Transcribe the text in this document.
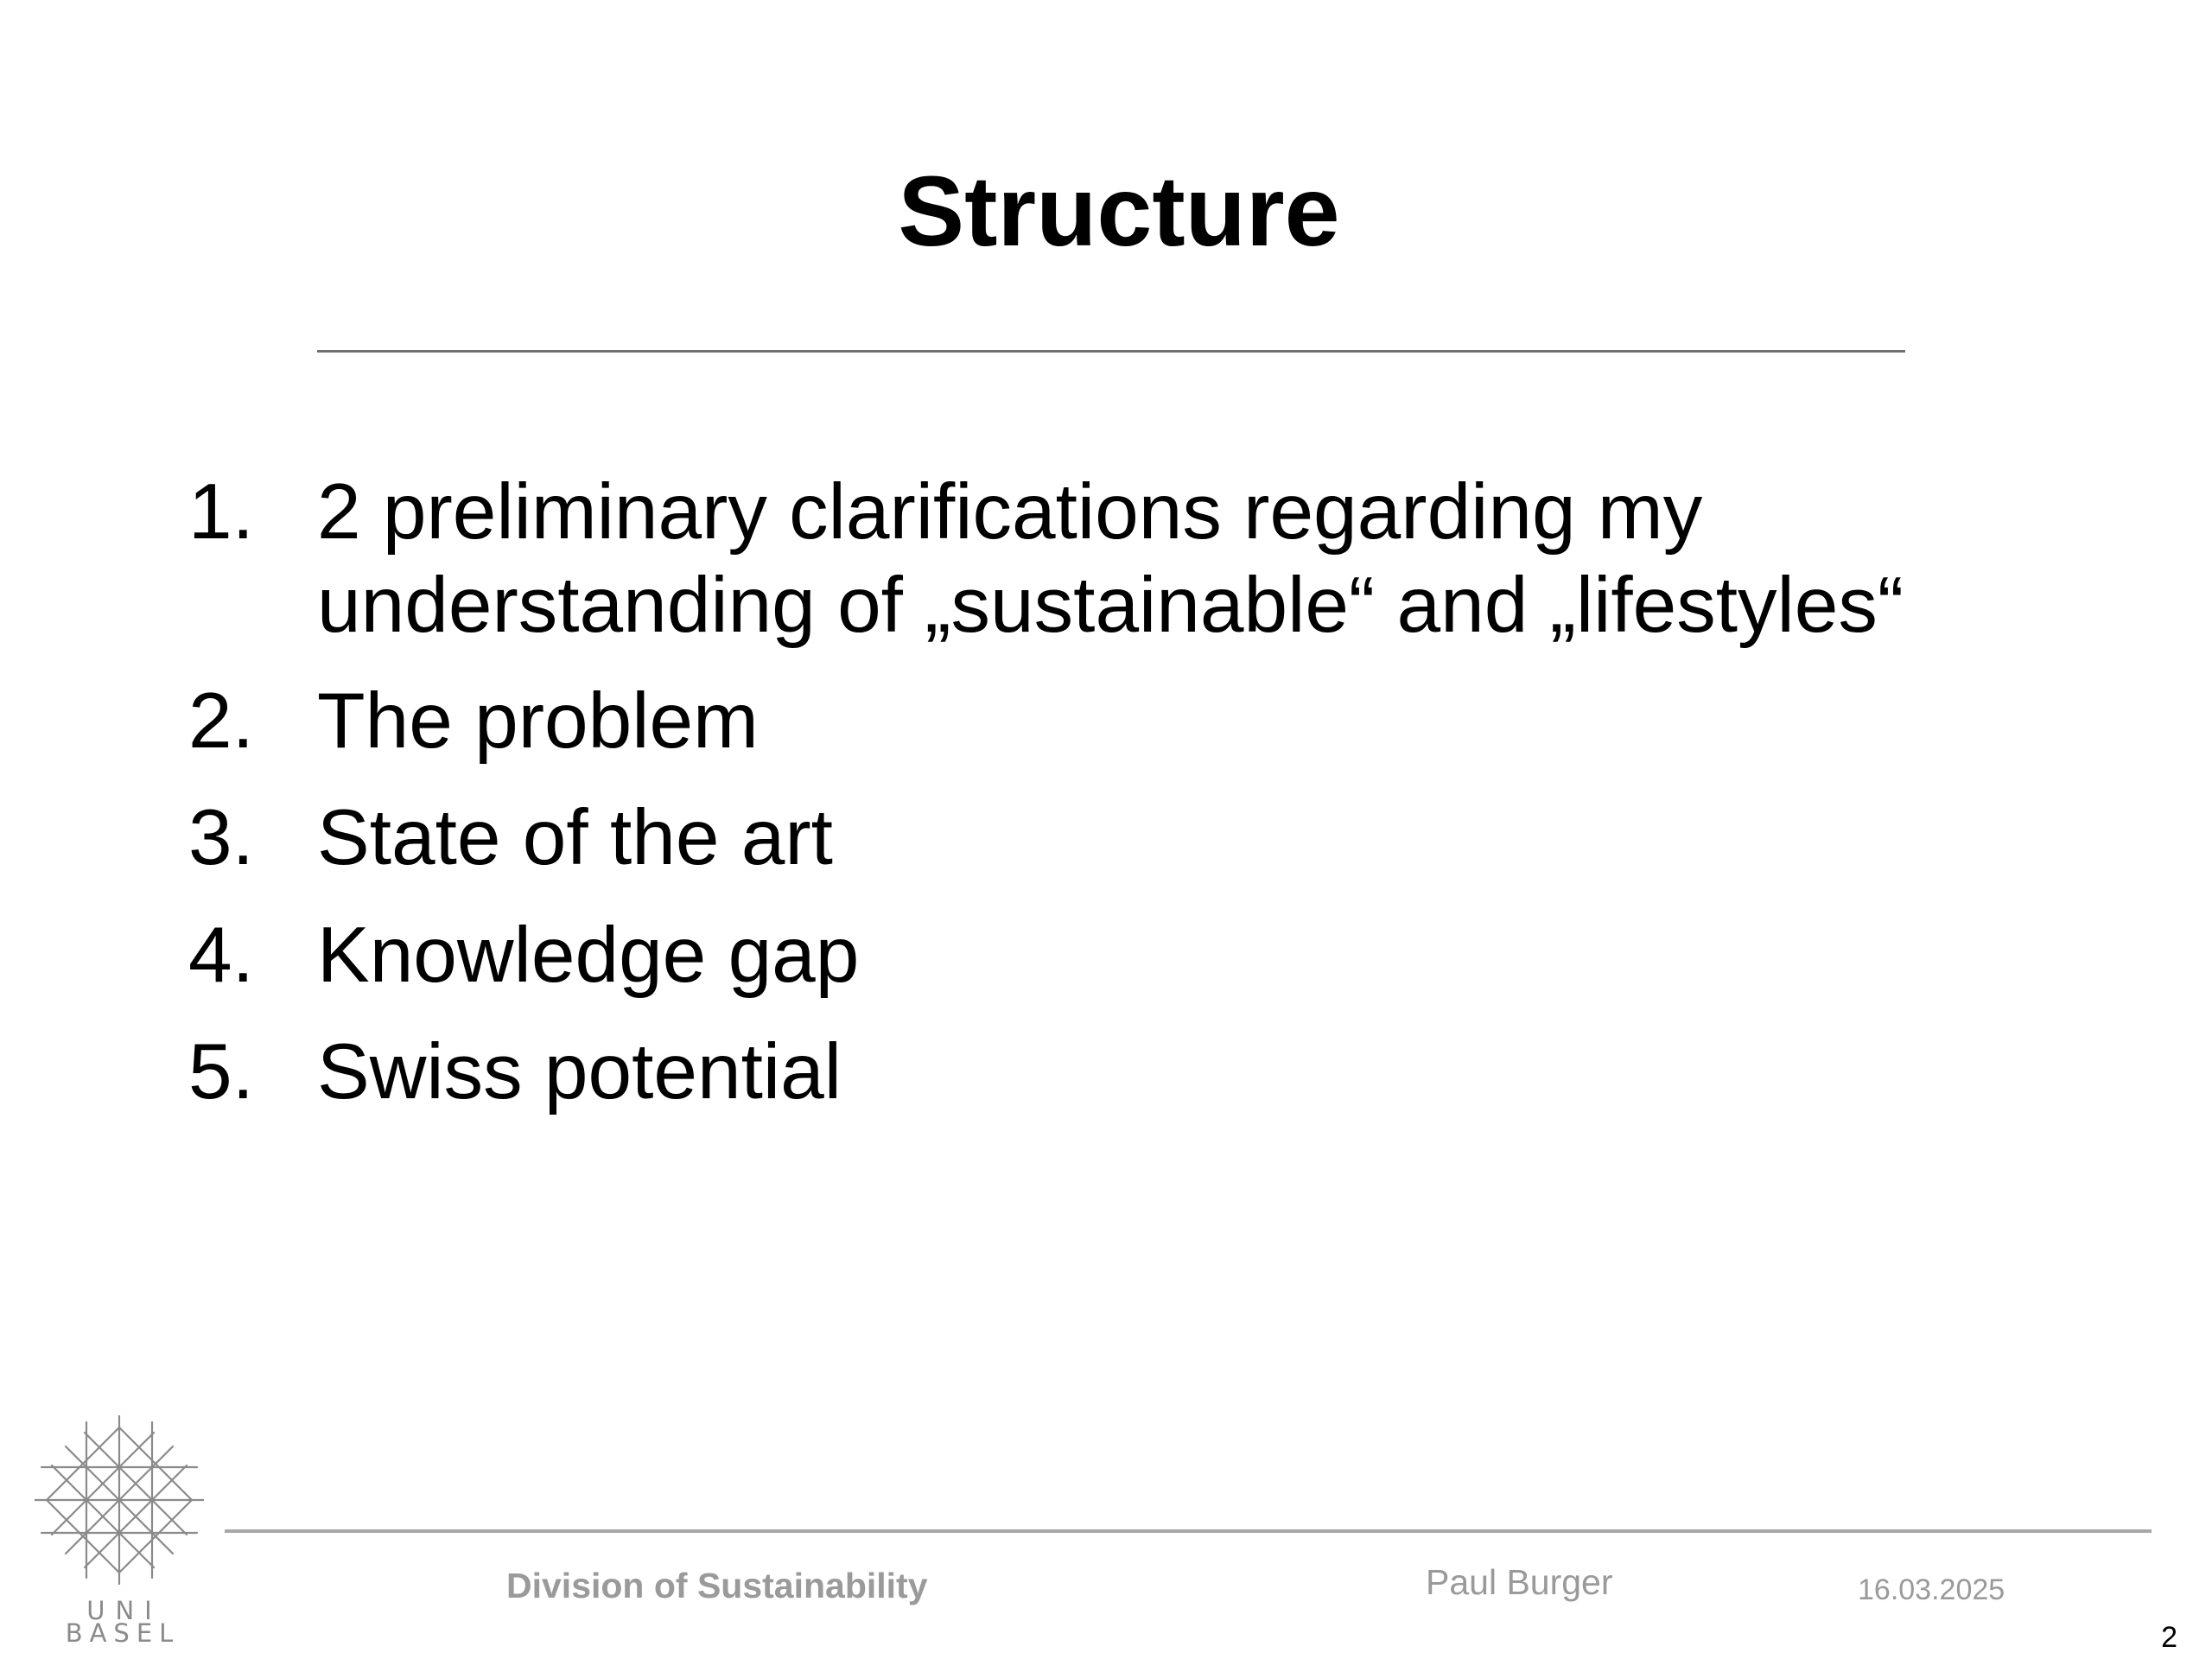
Structure
1. 2 preliminary clarifications regarding my understanding of „sustainable“ and „lifestyles“
2. The problem
3. State of the art
4. Knowledge gap
5. Swiss potential
UNI
BASEL
Division of Sustainability	Paul Burger	16.03.2025
2
